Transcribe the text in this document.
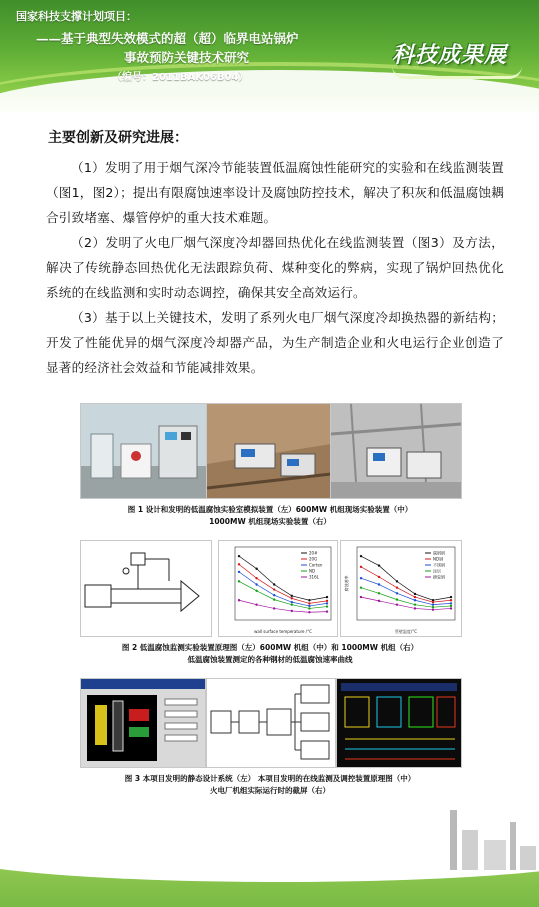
国家科技支撑计划项目：
——基于典型失效模式的超（超）临界电站锅炉
事故预防关键技术研究
（编号：2011BAK06B04）
科技成果展
主要创新及研究进展：

（1）发明了用于烟气深冷节能装置低温腐蚀性能研究的实验和在线监测装置（图1，图2）；提出有限腐蚀速率设计及腐蚀防控技术，解决了积灰和低温腐蚀耦合引致堵塞、爆管停炉的重大技术难题。

（2）发明了火电厂烟气深度冷却器回热优化在线监测装置（图3）及方法，解决了传统静态回热优化无法跟踪负荷、煤种变化的弊病，实现了锅炉回热优化系统的在线监测和实时动态调控，确保其安全高效运行。

（3）基于以上关键技术，发明了系列火电厂烟气深度冷却换热器的新结构；开发了性能优异的烟气深度冷却器产品，为生产制造企业和火电运行企业创造了显著的经济社会效益和节能减排效果。

图 1 设计和发明的低温腐蚀实验室模拟装置（左）600MW 机组现场实验装置（中）
1000MW 机组现场实验装置（右）
20#
20G
Corten
ND
316L
wall surface temperature /°C
碳钢钢
ND钢
不锈钢
涂层
搪瓷钢
管壁温度/°C
腐蚀速率
图 2 低温腐蚀监测实验装置原理图（左）600MW 机组（中）和 1000MW 机组（右）
低温腐蚀装置测定的各种钢材的低温腐蚀速率曲线
图 3 本项目发明的静态设计系统（左） 本项目发明的在线监测及调控装置原理图（中）
火电厂机组实际运行时的截屏（右）
